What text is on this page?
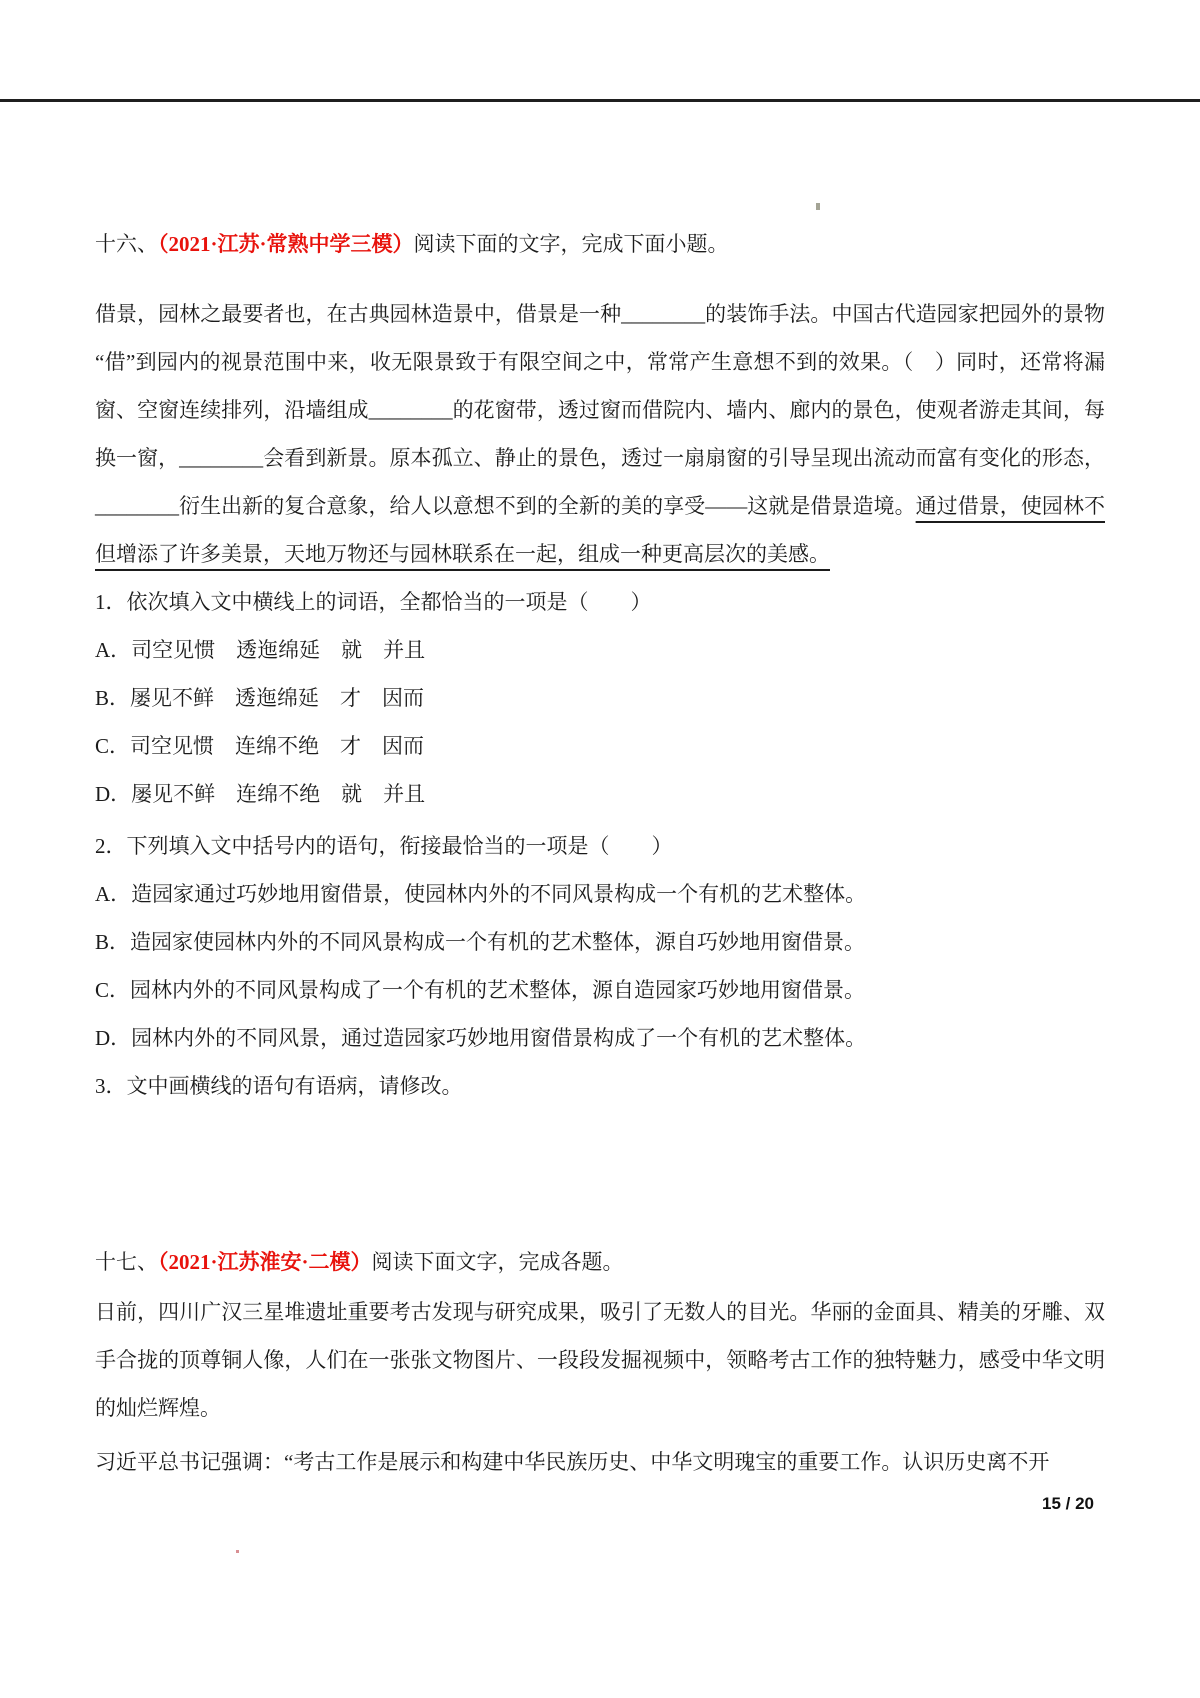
十六、（2021·江苏·常熟中学三模）阅读下面的文字，完成下面小题。

借景，园林之最要者也，在古典园林造景中，借景是一种________的装饰手法。中国古代造园家把园外的景物“借”到园内的视景范围中来，收无限景致于有限空间之中，常常产生意想不到的效果。（　）同时，还常将漏窗、空窗连续排列，沿墙组成________的花窗带，透过窗而借院内、墙内、廊内的景色，使观者游走其间，每换一窗，________会看到新景。原本孤立、静止的景色，透过一扇扇窗的引导呈现出流动而富有变化的形态，________衍生出新的复合意象，给人以意想不到的全新的美的享受——这就是借景造境。通过借景，使园林不但增添了许多美景，天地万物还与园林联系在一起，组成一种更高层次的美感。

1．依次填入文中横线上的词语，全都恰当的一项是（　　）

A．司空见惯　透迤绵延　就　并且

B．屡见不鲜　透迤绵延　才　因而

C．司空见惯　连绵不绝　才　因而

D．屡见不鲜　连绵不绝　就　并且

2．下列填入文中括号内的语句，衔接最恰当的一项是（　　）

A．造园家通过巧妙地用窗借景，使园林内外的不同风景构成一个有机的艺术整体。

B．造园家使园林内外的不同风景构成一个有机的艺术整体，源自巧妙地用窗借景。

C．园林内外的不同风景构成了一个有机的艺术整体，源自造园家巧妙地用窗借景。

D．园林内外的不同风景，通过造园家巧妙地用窗借景构成了一个有机的艺术整体。

3．文中画横线的语句有语病，请修改。

十七、（2021·江苏淮安·二模）阅读下面文字，完成各题。

日前，四川广汉三星堆遗址重要考古发现与研究成果，吸引了无数人的目光。华丽的金面具、精美的牙雕、双手合拢的顶尊铜人像，人们在一张张文物图片、一段段发掘视频中，领略考古工作的独特魅力，感受中华文明的灿烂辉煌。

习近平总书记强调：“考古工作是展示和构建中华民族历史、中华文明瑰宝的重要工作。认识历史离不开

15 / 20
